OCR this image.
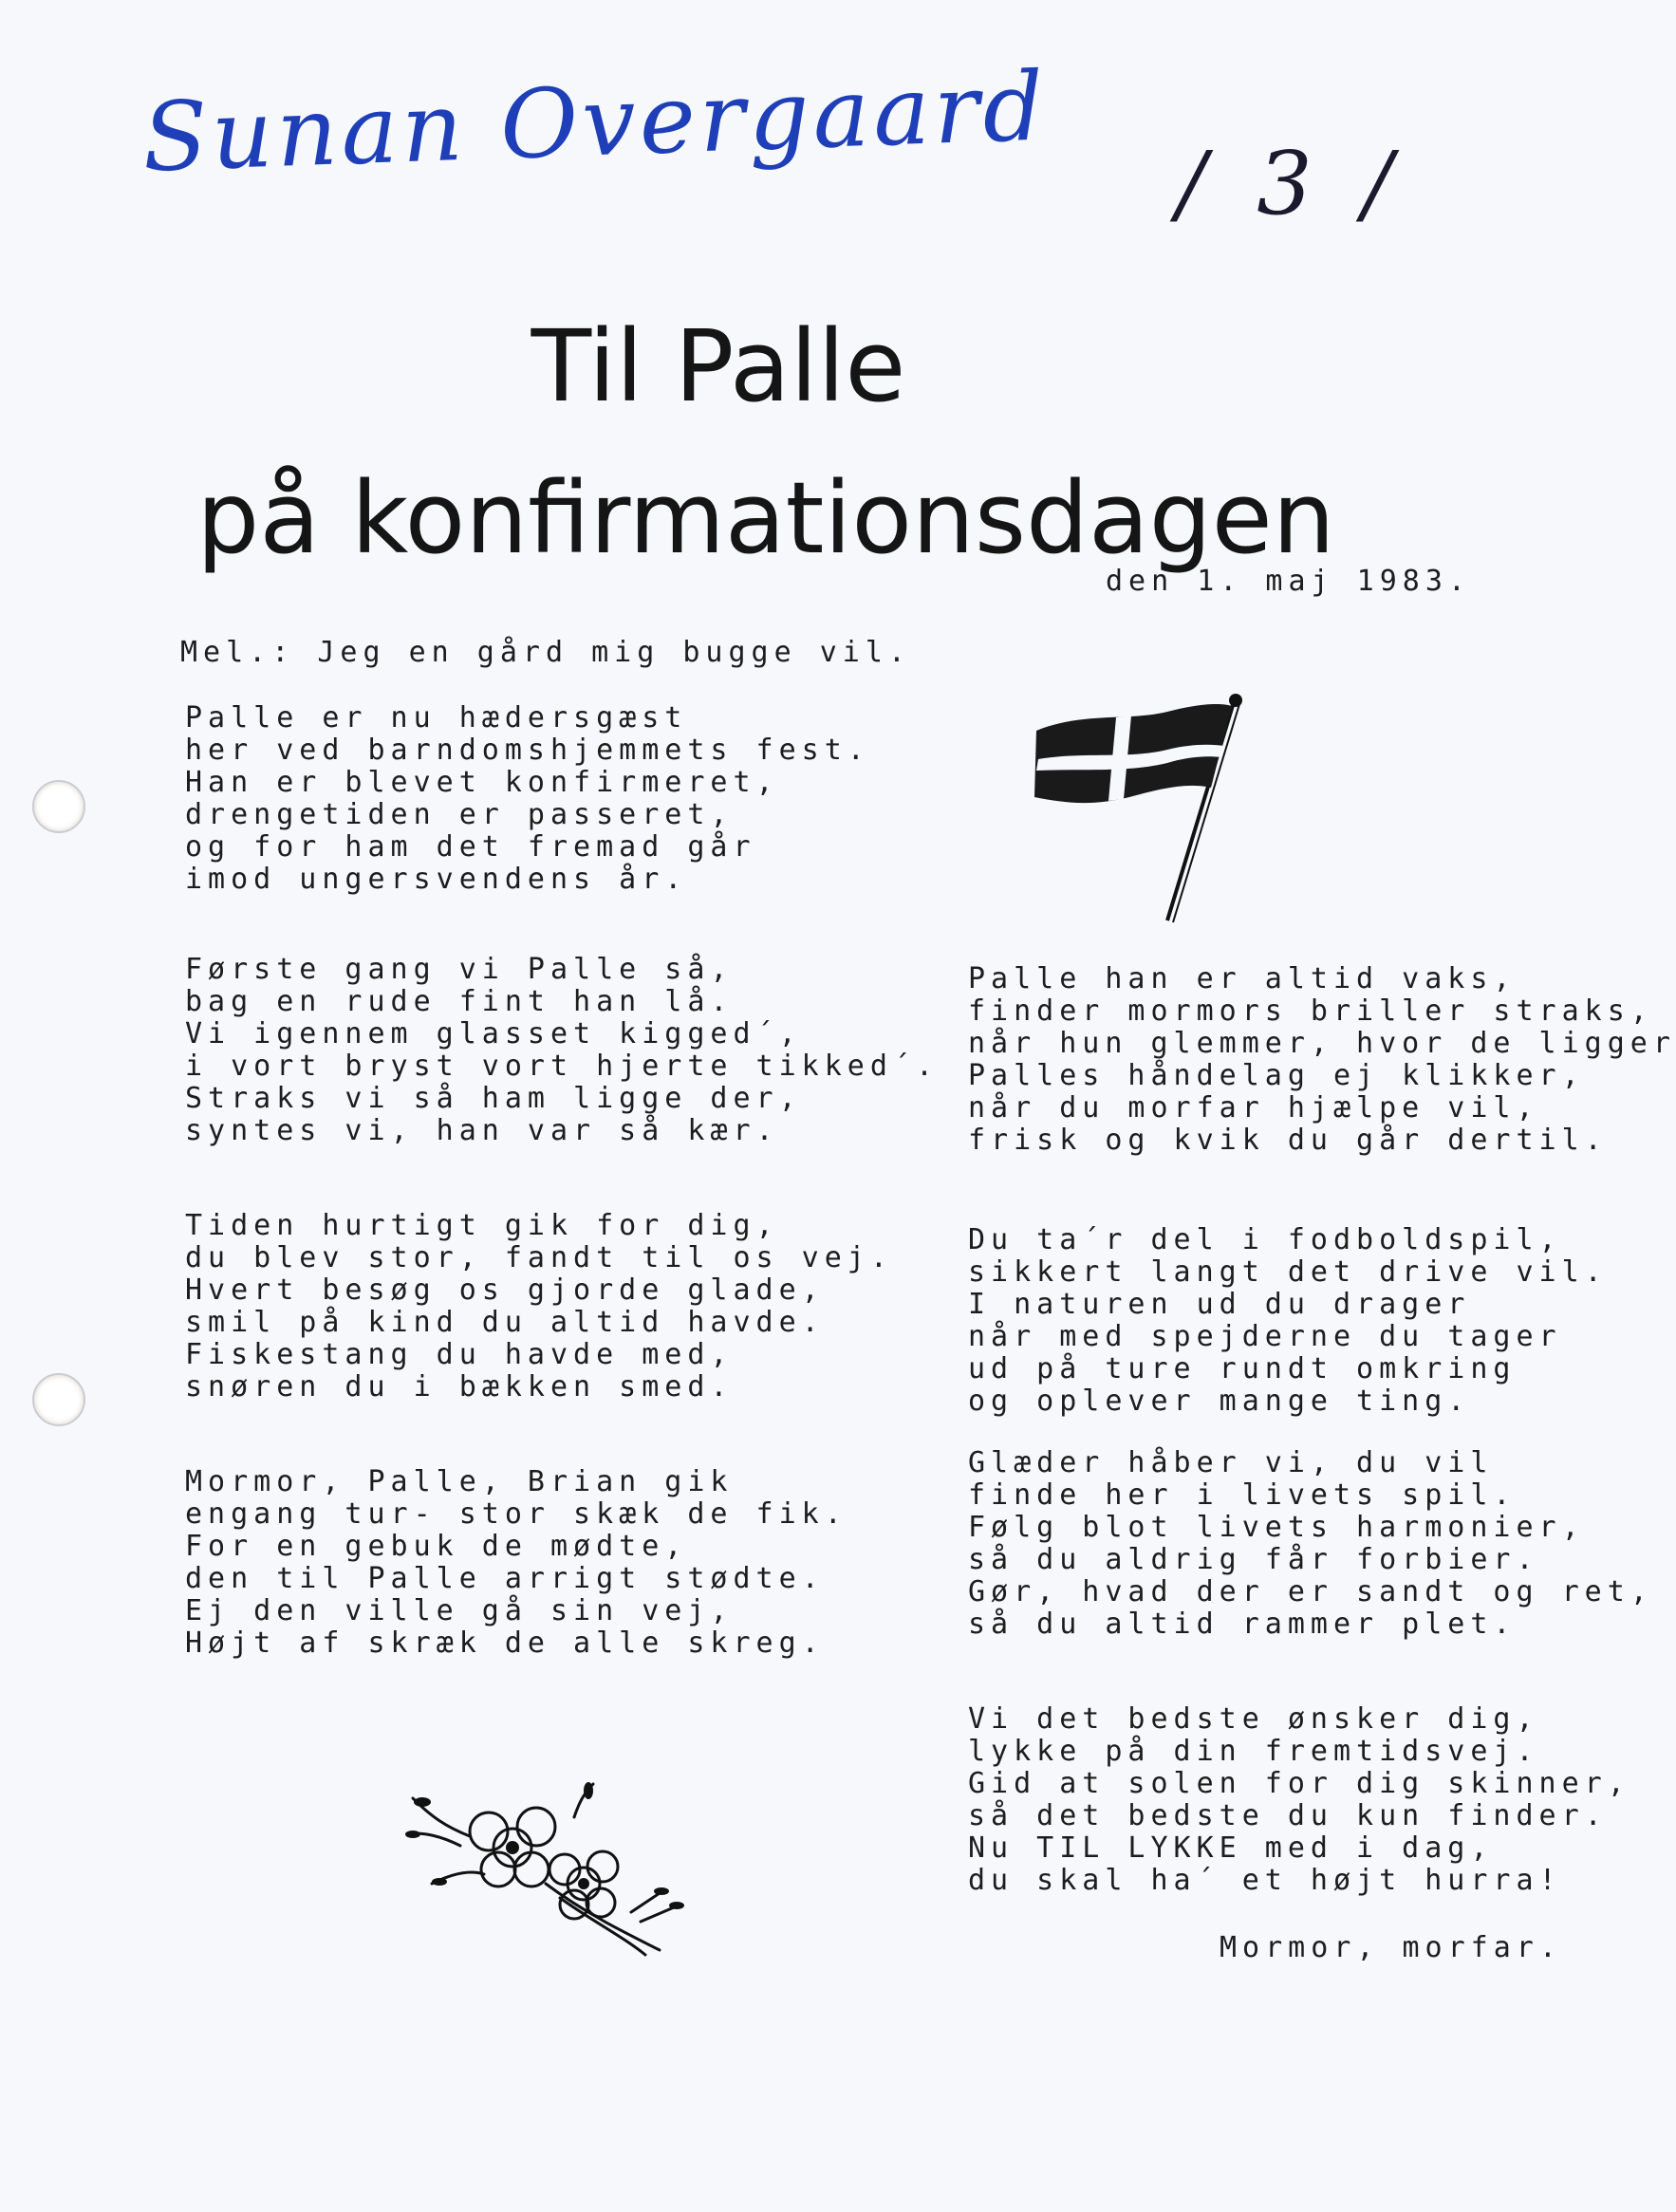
Sunan Overgaard / 3 /
Til Palle
på konfirmationsdagen
den 1. maj 1983.
Mel.: Jeg en gård mig bugge vil.
Palle er nu hædersgæst
her ved barndomshjemmets fest.
Han er blevet konfirmeret,
drengetiden er passeret,
og for ham det fremad går
imod ungersvendens år.
Første gang vi Palle så,
bag en rude fint han lå.
Vi igennem glasset kigged´,
i vort bryst vort hjerte tikked´.
Straks vi så ham ligge der,
syntes vi, han var så kær.
Tiden hurtigt gik for dig,
du blev stor, fandt til os vej.
Hvert besøg os gjorde glade,
smil på kind du altid havde.
Fiskestang du havde med,
snøren du i bækken smed.
Mormor, Palle, Brian gik
engang tur- stor skæk de fik.
For en gebuk de mødte,
den til Palle arrigt stødte.
Ej den ville gå sin vej,
Højt af skræk de alle skreg.
Palle han er altid vaks,
finder mormors briller straks,
når hun glemmer, hvor de ligger
Palles håndelag ej klikker,
når du morfar hjælpe vil,
frisk og kvik du går dertil.
Du ta´r del i fodboldspil,
sikkert langt det drive vil.
I naturen ud du drager
når med spejderne du tager
ud på ture rundt omkring
og oplever mange ting.
Glæder håber vi, du vil
finde her i livets spil.
Følg blot livets harmonier,
så du aldrig får forbier.
Gør, hvad der er sandt og ret,
så du altid rammer plet.
Vi det bedste ønsker dig,
lykke på din fremtidsvej.
Gid at solen for dig skinner,
så det bedste du kun finder.
Nu TIL LYKKE med i dag,
du skal ha´ et højt hurra!
Mormor, morfar.
